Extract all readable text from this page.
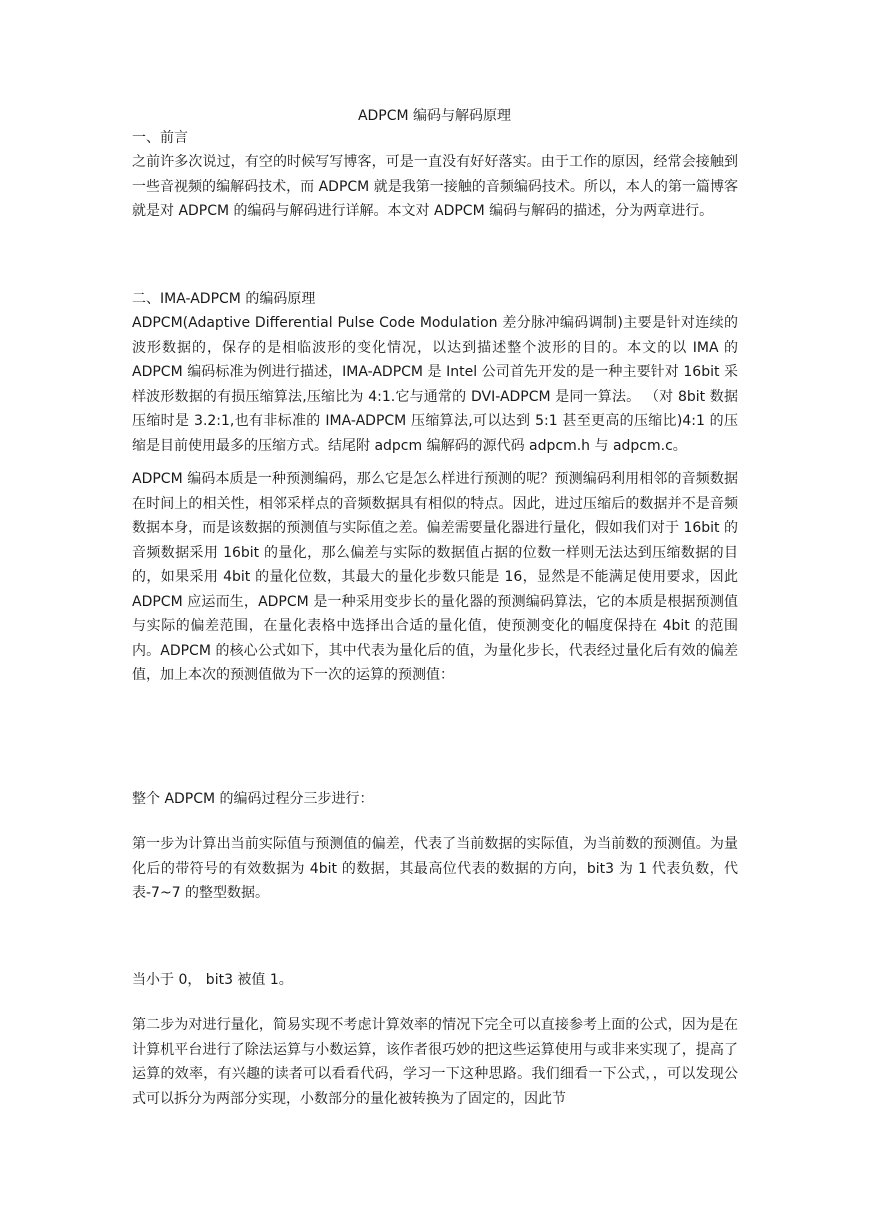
ADPCM 编码与解码原理

一、前言

之前许多次说过，有空的时候写写博客，可是一直没有好好落实。由于工作的原因，经常会接触到一些音视频的编解码技术，而 ADPCM 就是我第一接触的音频编码技术。所以，本人的第一篇博客就是对 ADPCM 的编码与解码进行详解。本文对 ADPCM 编码与解码的描述，分为两章进行。

二、IMA-ADPCM 的编码原理

ADPCM(Adaptive Differential Pulse Code Modulation 差分脉冲编码调制)主要是针对连续的波形数据的，保存的是相临波形的变化情况，以达到描述整个波形的目的。本文的以 IMA 的 ADPCM 编码标准为例进行描述，IMA-ADPCM 是 Intel 公司首先开发的是一种主要针对 16bit 采样波形数据的有损压缩算法,压缩比为 4:1.它与通常的 DVI-ADPCM 是同一算法。 （对 8bit 数据压缩时是 3.2:1,也有非标准的 IMA-ADPCM 压缩算法,可以达到 5:1 甚至更高的压缩比)4:1 的压缩是目前使用最多的压缩方式。结尾附 adpcm 编解码的源代码 adpcm.h 与 adpcm.c。

ADPCM 编码本质是一种预测编码，那么它是怎么样进行预测的呢？预测编码利用相邻的音频数据在时间上的相关性，相邻采样点的音频数据具有相似的特点。因此，进过压缩后的数据并不是音频数据本身，而是该数据的预测值与实际值之差。偏差需要量化器进行量化，假如我们对于 16bit 的音频数据采用 16bit 的量化，那么偏差与实际的数据值占据的位数一样则无法达到压缩数据的目的，如果采用 4bit 的量化位数，其最大的量化步数只能是 16，显然是不能满足使用要求，因此 ADPCM 应运而生，ADPCM 是一种采用变步长的量化器的预测编码算法，它的本质是根据预测值与实际的偏差范围，在量化表格中选择出合适的量化值，使预测变化的幅度保持在 4bit 的范围内。ADPCM 的核心公式如下，其中代表为量化后的值，为量化步长，代表经过量化后有效的偏差值，加上本次的预测值做为下一次的运算的预测值：

整个 ADPCM 的编码过程分三步进行：

第一步为计算出当前实际值与预测值的偏差，代表了当前数据的实际值，为当前数的预测值。为量化后的带符号的有效数据为 4bit 的数据，其最高位代表的数据的方向，bit3 为 1 代表负数，代表-7~7 的整型数据。

当小于 0， bit3 被值 1。

第二步为对进行量化，简易实现不考虑计算效率的情况下完全可以直接参考上面的公式，因为是在计算机平台进行了除法运算与小数运算，该作者很巧妙的把这些运算使用与或非来实现了，提高了运算的效率，有兴趣的读者可以看看代码，学习一下这种思路。我们细看一下公式，，可以发现公式可以拆分为两部分实现，小数部分的量化被转换为了固定的，因此节
